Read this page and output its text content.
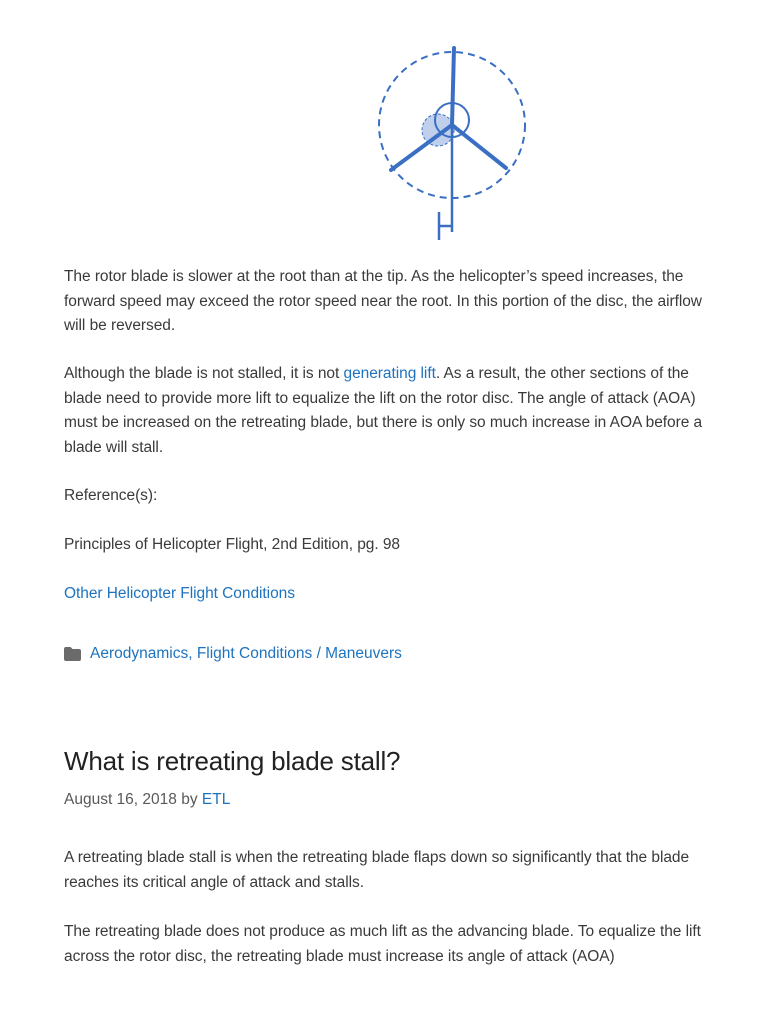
The rotor blade is slower at the root than at the tip. As the helicopter’s speed increases, the forward speed may exceed the rotor speed near the root. In this portion of the disc, the airflow will be reversed.

Although the blade is not stalled, it is not generating lift. As a result, the other sections of the blade need to provide more lift to equalize the lift on the rotor disc. The angle of attack (AOA) must be increased on the retreating blade, but there is only so much increase in AOA before a blade will stall.

Reference(s):

Principles of Helicopter Flight, 2nd Edition, pg. 98

Other Helicopter Flight Conditions

Aerodynamics, Flight Conditions / Maneuvers
What is retreating blade stall?
August 16, 2018 by ETL

A retreating blade stall is when the retreating blade flaps down so significantly that the blade reaches its critical angle of attack and stalls.

The retreating blade does not produce as much lift as the advancing blade. To equalize the lift across the rotor disc, the retreating blade must increase its angle of attack (AOA)
